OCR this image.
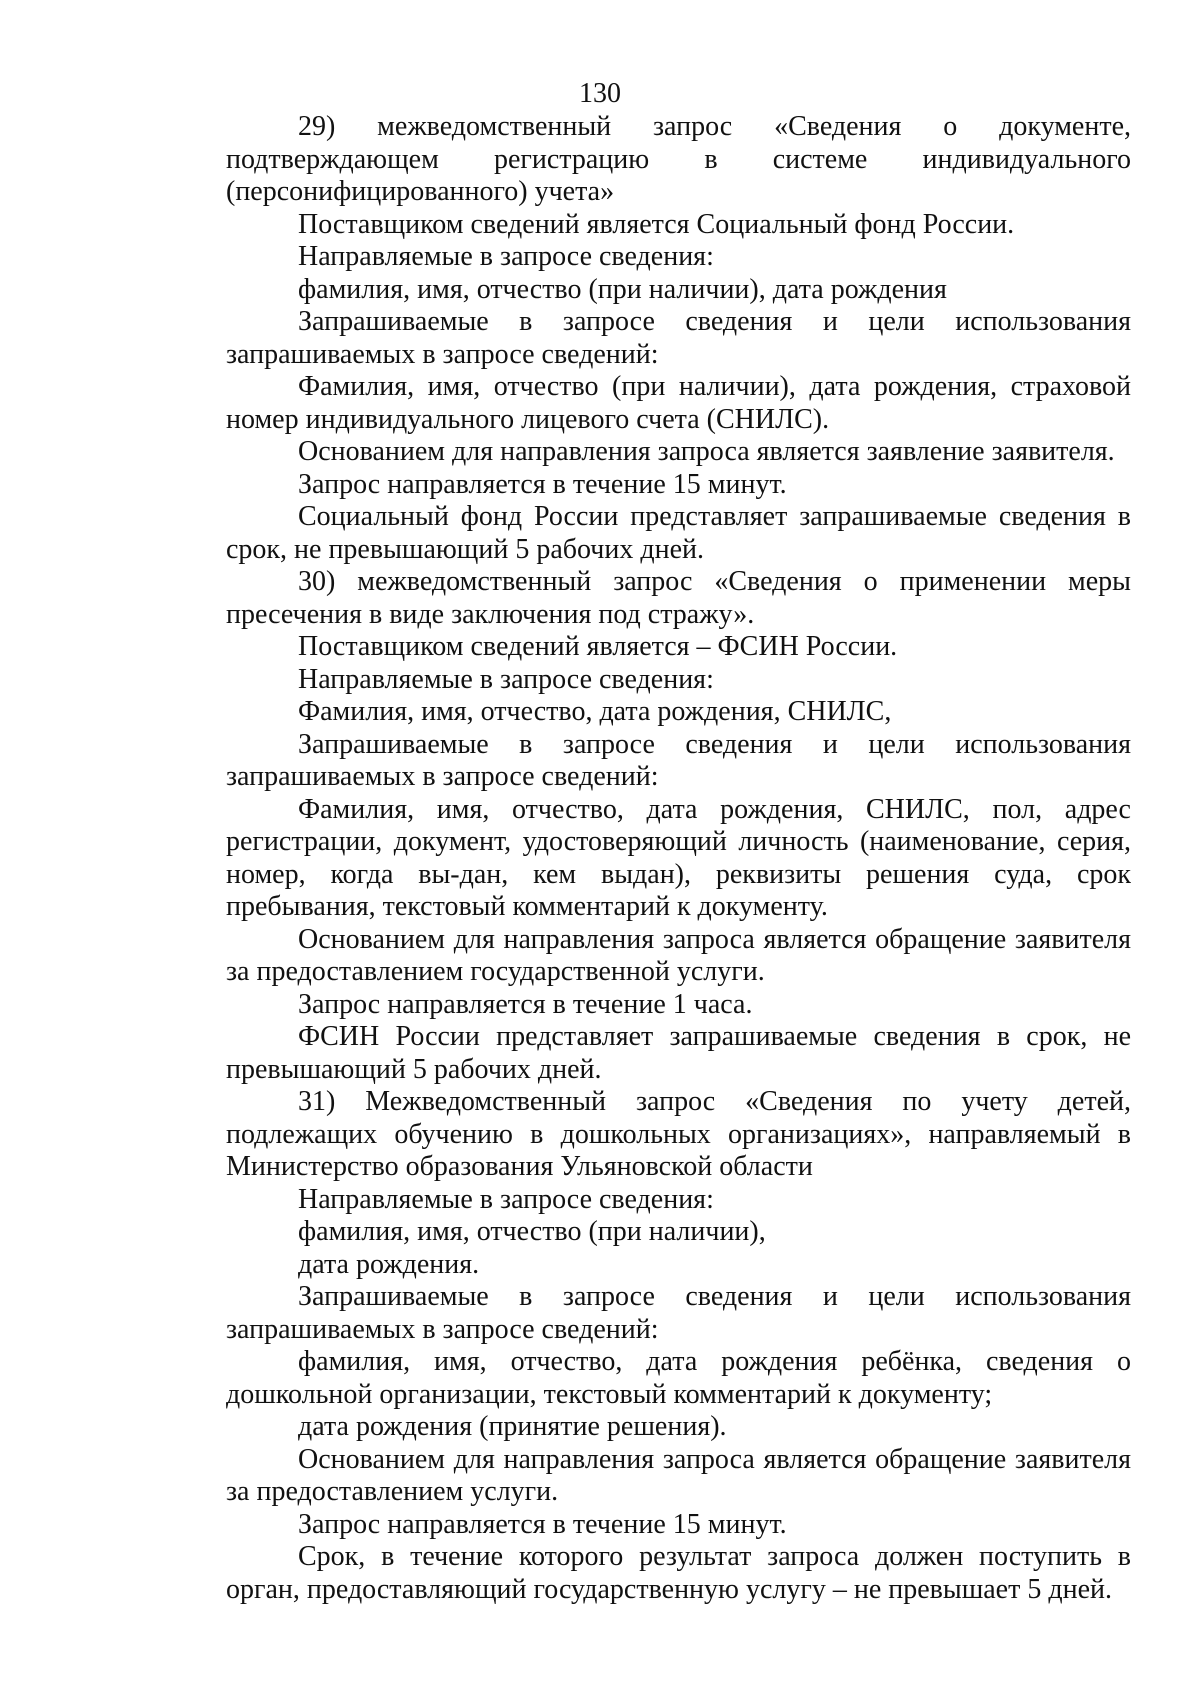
130

29) межведомственный запрос «Сведения о документе, подтверждающем регистрацию в системе индивидуального (персонифицированного) учета»

Поставщиком сведений является Социальный фонд России.

Направляемые в запросе сведения:

фамилия, имя, отчество (при наличии), дата рождения

Запрашиваемые в запросе сведения и цели использования запрашиваемых в запросе сведений:

Фамилия, имя, отчество (при наличии), дата рождения, страховой номер индивидуального лицевого счета (СНИЛС).

Основанием для направления запроса является заявление заявителя.

Запрос направляется в течение 15 минут.

Социальный фонд России представляет запрашиваемые сведения в срок, не превышающий 5 рабочих дней.

30) межведомственный запрос «Сведения о применении меры пресечения в виде заключения под стражу».

Поставщиком сведений является – ФСИН России.

Направляемые в запросе сведения:

Фамилия, имя, отчество, дата рождения, СНИЛС,

Запрашиваемые в запросе сведения и цели использования запрашиваемых в запросе сведений:

Фамилия, имя, отчество, дата рождения, СНИЛС, пол, адрес регистрации, документ, удостоверяющий личность (наименование, серия, номер, когда вы-дан, кем выдан), реквизиты решения суда, срок пребывания, текстовый комментарий к документу.

Основанием для направления запроса является обращение заявителя за предоставлением государственной услуги.

Запрос направляется в течение 1 часа.

ФСИН России представляет запрашиваемые сведения в срок, не превышающий 5 рабочих дней.

31) Межведомственный запрос «Сведения по учету детей, подлежащих обучению в дошкольных организациях», направляемый в Министерство образования Ульяновской области

Направляемые в запросе сведения:

фамилия, имя, отчество (при наличии),

дата рождения.

Запрашиваемые в запросе сведения и цели использования запрашиваемых в запросе сведений:

фамилия, имя, отчество, дата рождения ребёнка, сведения о дошкольной организации, текстовый комментарий к документу;

дата рождения (принятие решения).

Основанием для направления запроса является обращение заявителя за предоставлением услуги.

Запрос направляется в течение 15 минут.

Срок, в течение которого результат запроса должен поступить в орган, предоставляющий государственную услугу – не превышает 5 дней.
